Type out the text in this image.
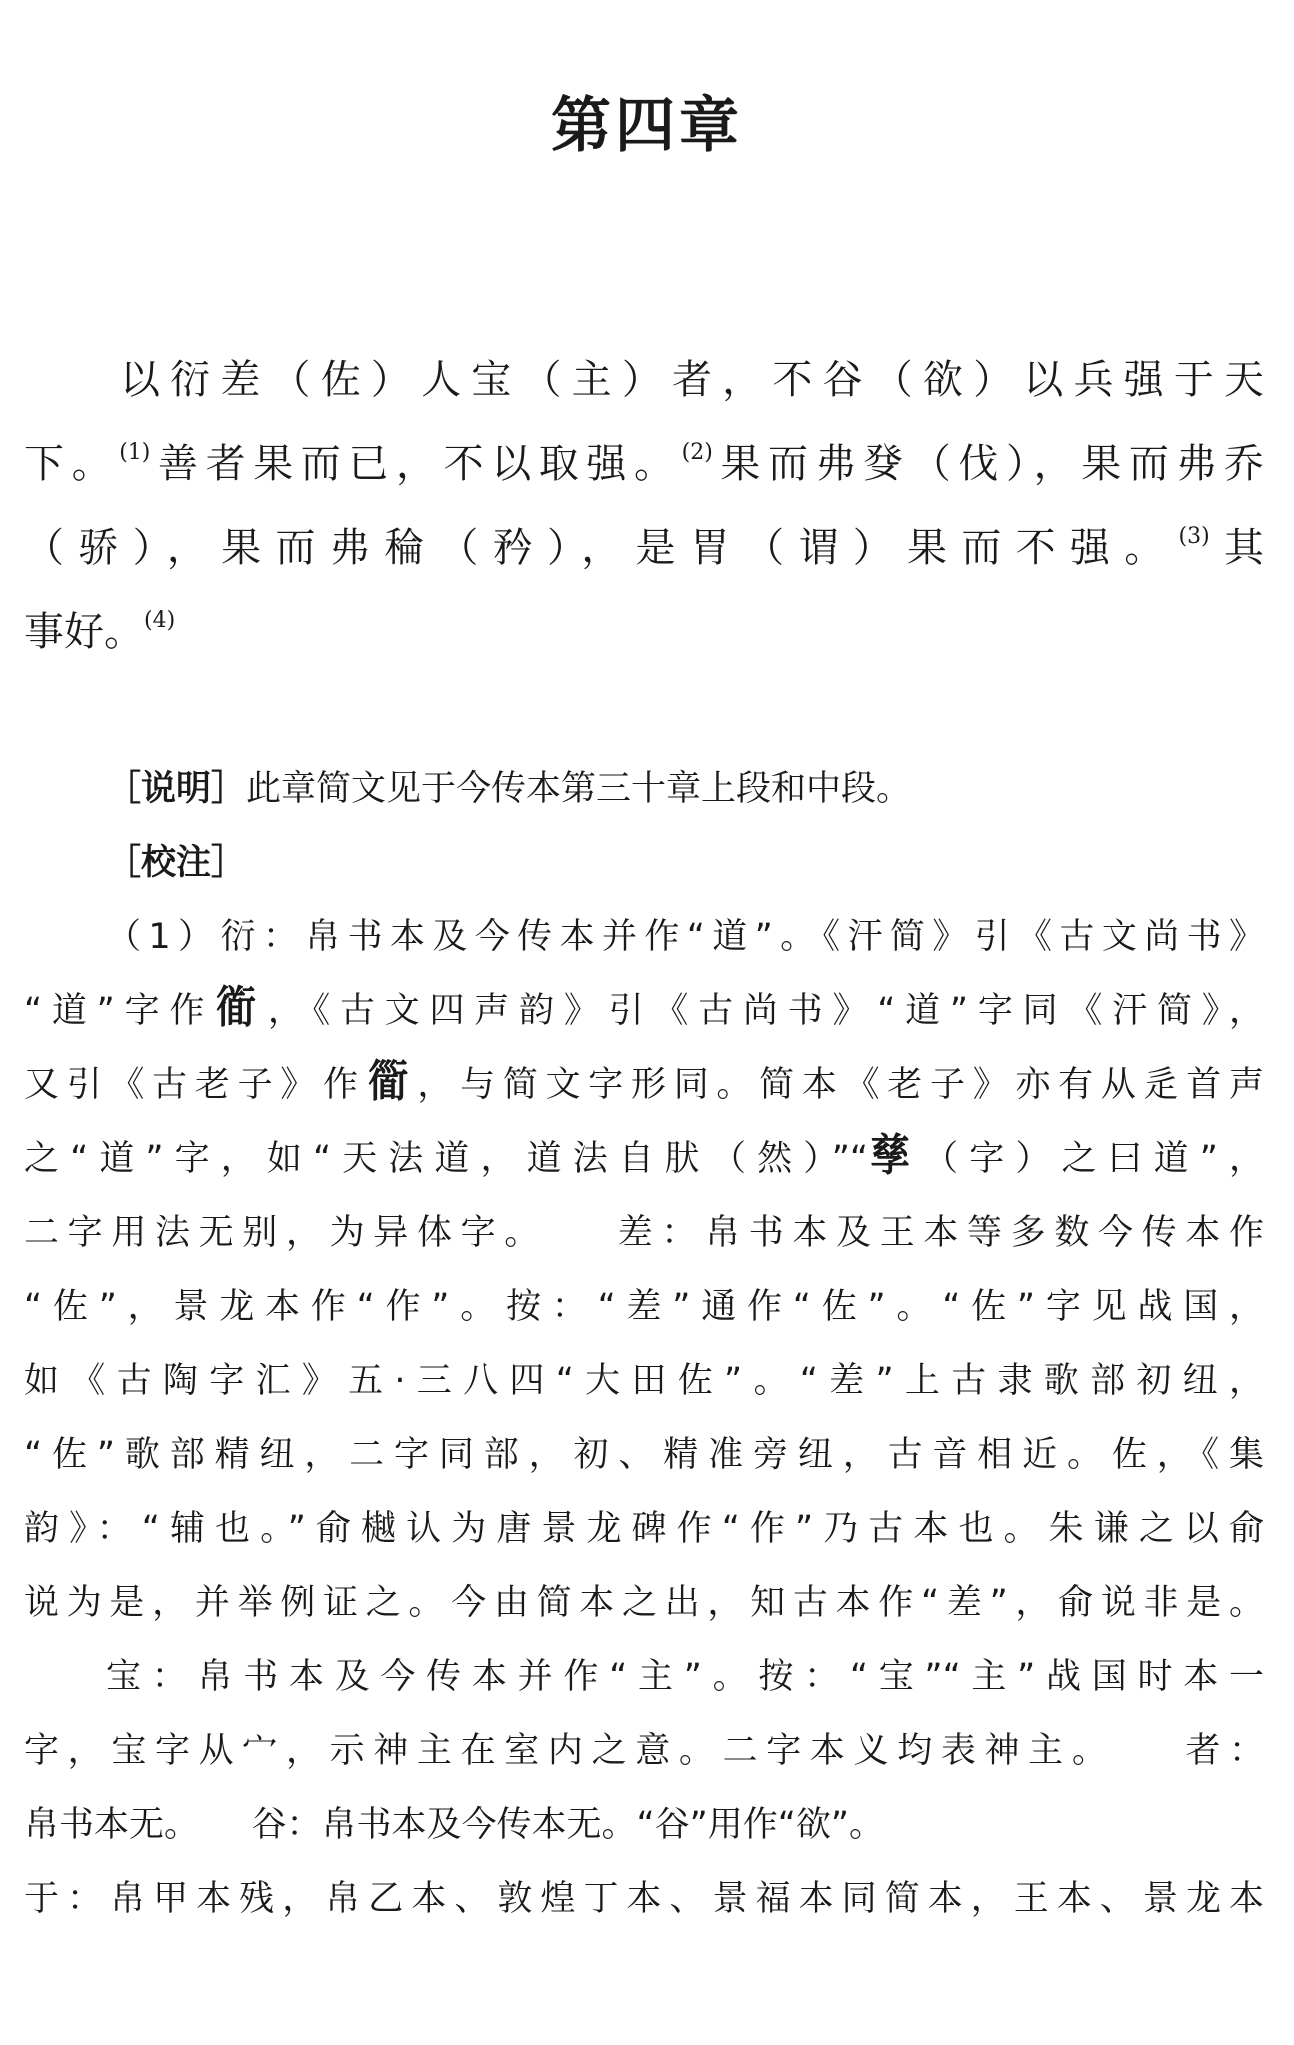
第四章
以衍差（佐）人宝（主）者，不谷（欲）以兵强于天
下。$^{(1)}$善者果而已，不以取强。$^{(2)}$果而弗癹（伐），果而弗乔
（骄），果而弗稐（矜），是胃（谓）果而不强。$^{(3)}$其
事好。$^{(4)}$
［说明］此章简文见于今传本第三十章上段和中段。
［校注］
（1）衍：帛书本及今传本并作“道”。《汗简》引《古文尚书》
“道”字作衜，《古文四声韵》引《古尚书》“道”字同《汗简》，
又引《古老子》作衟，与简文字形同。简本《老子》亦有从辵首声
之“道”字，如“天法道，道法自肰（然）”“孳（字）之曰道”，
二字用法无别，为异体字。　　差：帛书本及王本等多数今传本作
“佐”，景龙本作“作”。按：“差”通作“佐”。“佐”字见战国，
如《古陶字汇》五·三八四“大田佐”。“差”上古隶歌部初纽，
“佐”歌部精纽，二字同部，初、精准旁纽，古音相近。佐，《集
韵》：“辅也。”俞樾认为唐景龙碑作“作”乃古本也。朱谦之以俞
说为是，并举例证之。今由简本之出，知古本作“差”，俞说非是。
宝：帛书本及今传本并作“主”。按：“宝”“主”战国时本一
字，宝字从宀，示神主在室内之意。二字本义均表神主。　　者：
帛书本无。　　谷：帛书本及今传本无。“谷”用作“欲”。
于：帛甲本残，帛乙本、敦煌丁本、景福本同简本，王本、景龙本
